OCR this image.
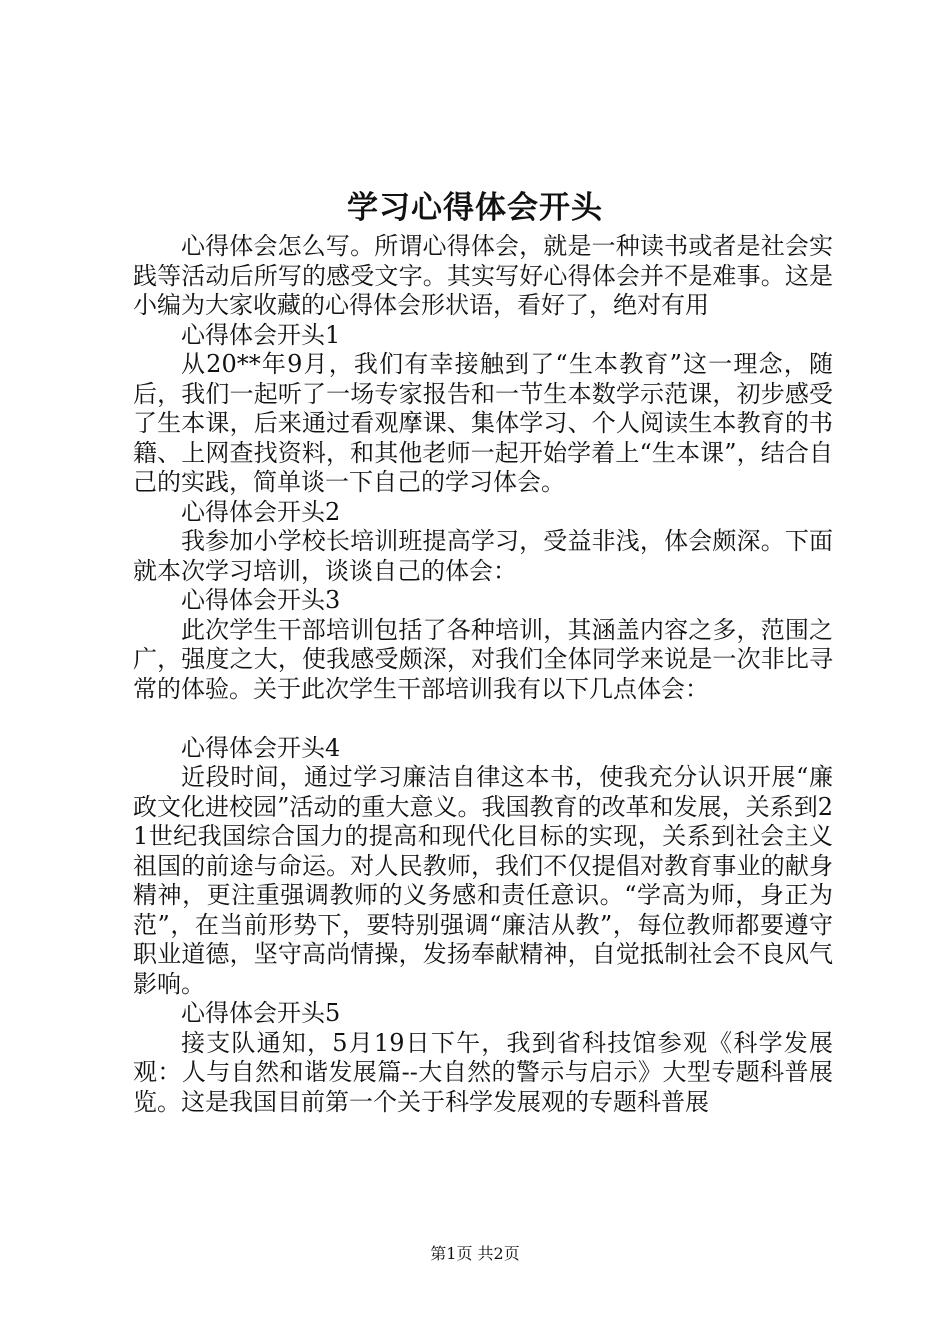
学习心得体会开头

心得体会怎么写。所谓心得体会，就是一种读书或者是社会实践等活动后所写的感受文字。其实写好心得体会并不是难事。这是小编为大家收藏的心得体会形状语，看好了，绝对有用

心得体会开头1

从20**年9月，我们有幸接触到了“生本教育”这一理念，随后，我们一起听了一场专家报告和一节生本数学示范课，初步感受了生本课，后来通过看观摩课、集体学习、个人阅读生本教育的书籍、上网查找资料，和其他老师一起开始学着上“生本课”，结合自己的实践，简单谈一下自己的学习体会。

心得体会开头2

我参加小学校长培训班提高学习，受益非浅，体会颇深。下面就本次学习培训，谈谈自己的体会：

心得体会开头3

此次学生干部培训包括了各种培训，其涵盖内容之多，范围之广，强度之大，使我感受颇深，对我们全体同学来说是一次非比寻常的体验。关于此次学生干部培训我有以下几点体会：

心得体会开头4

近段时间，通过学习廉洁自律这本书，使我充分认识开展“廉政文化进校园”活动的重大意义。我国教育的改革和发展，关系到21世纪我国综合国力的提高和现代化目标的实现，关系到社会主义祖国的前途与命运。对人民教师，我们不仅提倡对教育事业的献身精神，更注重强调教师的义务感和责任意识。“学高为师，身正为范”，在当前形势下，要特别强调“廉洁从教”，每位教师都要遵守职业道德，坚守高尚情操，发扬奉献精神，自觉抵制社会不良风气影响。

心得体会开头5

接支队通知，5月19日下午，我到省科技馆参观《科学发展观：人与自然和谐发展篇--大自然的警示与启示》大型专题科普展览。这是我国目前第一个关于科学发展观的专题科普展

第1页 共2页
